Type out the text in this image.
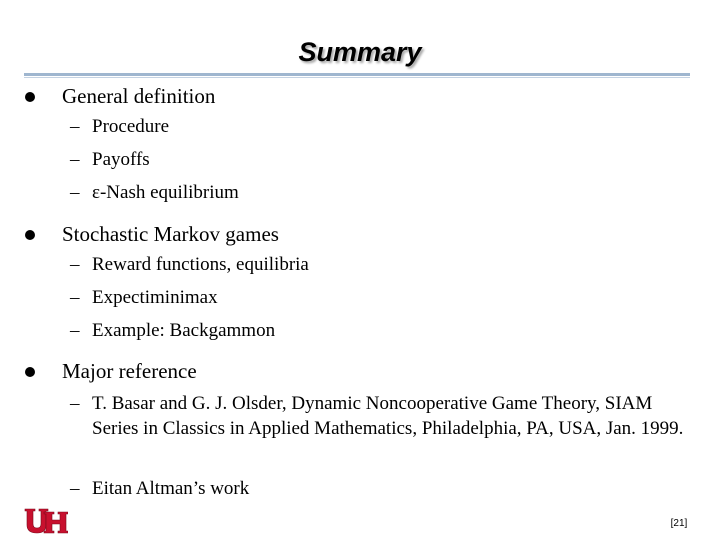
Summary
General definition
– Procedure
– Payoffs
– ε-Nash equilibrium
Stochastic Markov games
– Reward functions, equilibria
– Expectiminimax
– Example: Backgammon
Major reference
– T. Basar and G. J. Olsder, Dynamic Noncooperative Game Theory, SIAM Series in Classics in Applied Mathematics, Philadelphia, PA, USA, Jan. 1999.
– Eitan Altman’s work
[21]
